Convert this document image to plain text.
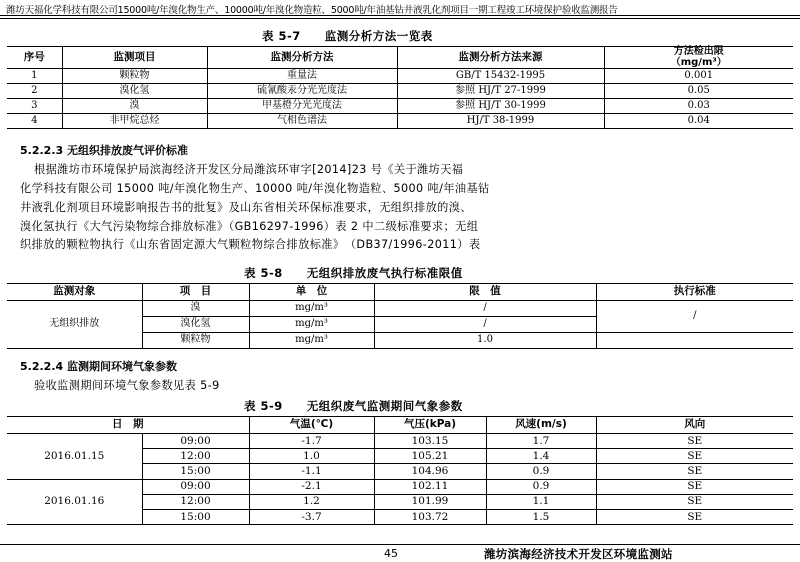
潍坊天福化学科技有限公司15000吨/年溴化物生产、10000吨/年溴化物造粒、5000吨/年油基钻井液乳化剂项目一期工程竣工环境保护验收监测报告
表 5-7　　监测分析方法一览表
序号	监测项目	监测分析方法	监测分析方法来源	方法检出限
（mg/m³）
1	颗粒物	重量法	GB/T 15432-1995	0.001
2	溴化氢	硫氰酸汞分光光度法	参照 HJ/T 27-1999	0.05
3	溴	甲基橙分光光度法	参照 HJ/T 30-1999	0.03
4	非甲烷总烃	气相色谱法	HJ/T 38-1999	0.04
5.2.2.3 无组织排放废气评价标准
根据潍坊市环境保护局滨海经济开发区分局潍滨环审字[2014]23 号《关于潍坊天福
化学科技有限公司 15000 吨/年溴化物生产、10000 吨/年溴化物造粒、5000 吨/年油基钻
井液乳化剂项目环境影响报告书的批复》及山东省相关环保标准要求，无组织排放的溴、
溴化氢执行《大气污染物综合排放标准》（GB16297-1996）表 2 中二级标准要求；无组
织排放的颗粒物执行《山东省固定源大气颗粒物综合排放标准》　（DB37/1996-2011）表
表 5-8　　无组织排放废气执行标准限值
监测对象	项　目	单　位	限　值	执行标准
无组织排放	溴	mg/m³	/	/
	溴化氢	mg/m³	/	
	颗粒物	mg/m³	1.0	
5.2.2.4 监测期间环境气象参数
验收监测期间环境气象参数见表 5-9
表 5-9　　无组织废气监测期间气象参数
日　期		气温(℃)	气压(kPa)	风速(m/s)	风向
2016.01.15	09:00	-1.7	103.15	1.7	SE
	12:00	1.0	105.21	1.4	SE
	15:00	-1.1	104.96	0.9	SE
2016.01.16	09:00	-2.1	102.11	0.9	SE
	12:00	1.2	101.99	1.1	SE
	15:00	-3.7	103.72	1.5	SE
45	潍坊滨海经济技术开发区环境监测站
